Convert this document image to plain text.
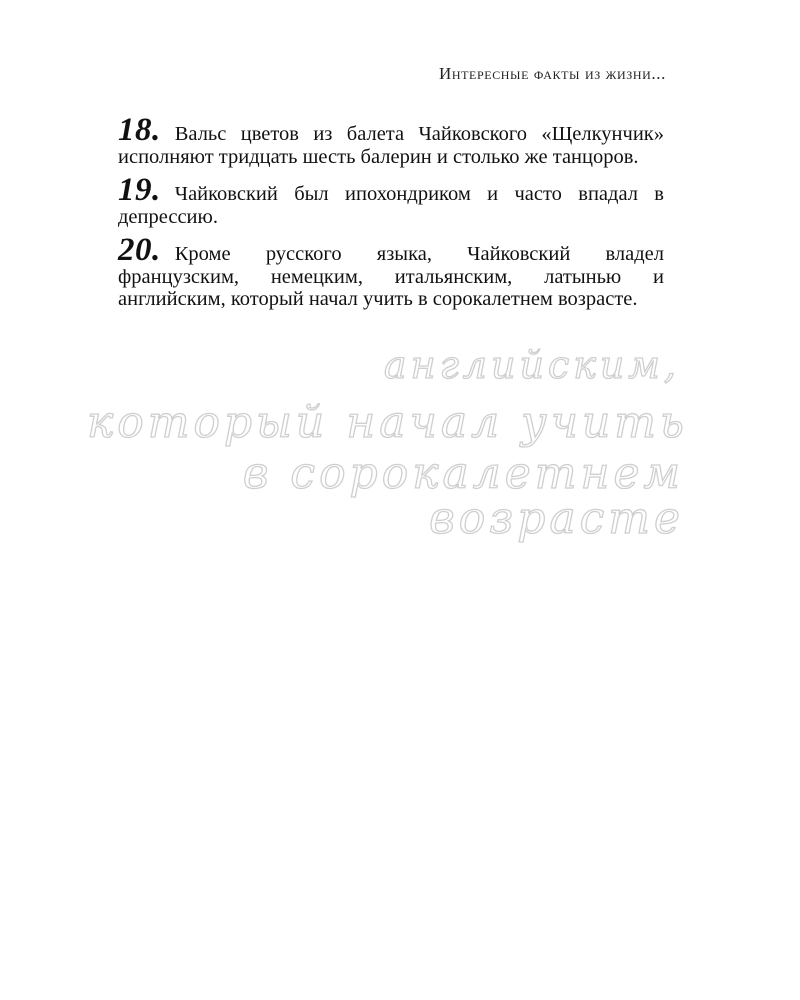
Интересные факты из жизни...

18. Вальс цветов из балета Чайковского «Щелкунчик» исполняют тридцать шесть балерин и столько же танцоров.

19. Чайковский был ипохондриком и часто впадал в депрессию.

20. Кроме русского языка, Чайковский владел французским, немецким, итальянским, латынью и английским, который начал учить в сорокалетнем возрасте.

английским,
который начал учить
в сорокалетнем
возрасте
